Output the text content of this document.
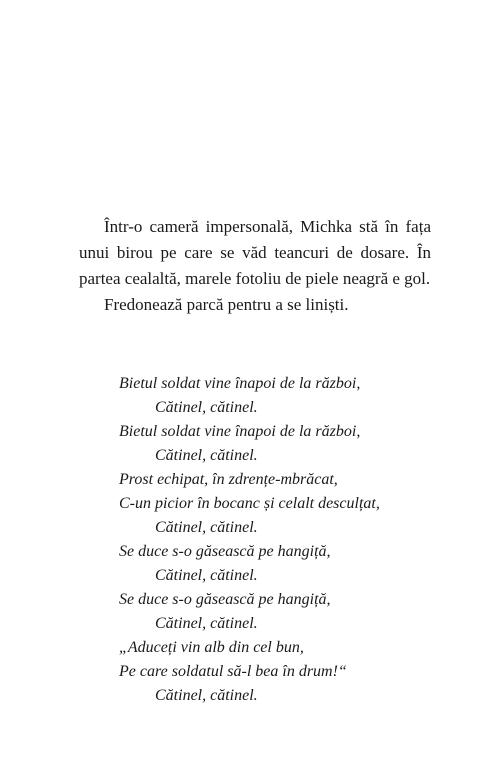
Într-o cameră impersonală, Michka stă în fața unui birou pe care se văd teancuri de dosare. În partea cealaltă, marele fotoliu de piele neagră e gol.

Fredonează parcă pentru a se liniști.

Bietul soldat vine înapoi de la război,
Cătinel, cătinel.
Bietul soldat vine înapoi de la război,
Cătinel, cătinel.
Prost echipat, în zdrențe-mbrăcat,
C-un picior în bocanc și celalt desculțat,
Cătinel, cătinel.
Se duce s-o găsească pe hangiță,
Cătinel, cătinel.
Se duce s-o găsească pe hangiță,
Cătinel, cătinel.
„Aduceți vin alb din cel bun,
Pe care soldatul să-l bea în drum!“
Cătinel, cătinel.
